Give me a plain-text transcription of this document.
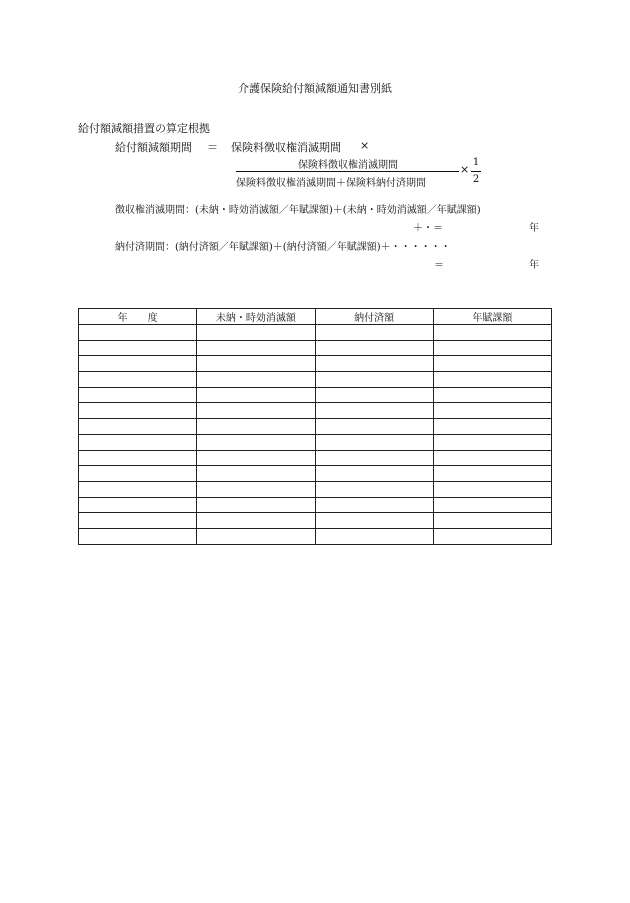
介護保険給付額減額通知書別紙
給付額減額措置の算定根拠
給付額減額期間 ＝ 保険料徴収権消滅期間 ×
保険料徴収権消滅期間
保険料徴収権消滅期間＋保険料納付済期間
×
1
2
徴収権消滅期間：(未納・時効消滅額／年賦課額)＋(未納・時効消滅額／年賦課額)
＋・＝	年
納付済期間：(納付済額／年賦課額)＋(納付済額／年賦課額)＋・・・・・・
＝	年
年　　度	未納・時効消滅額	納付済額	年賦課額
